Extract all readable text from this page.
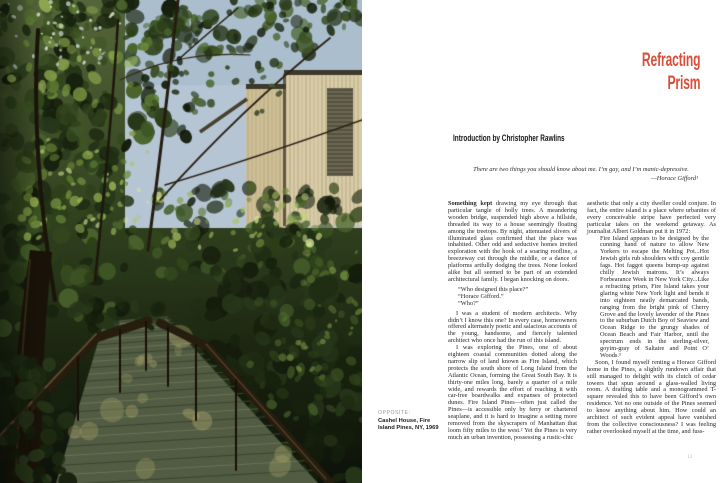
Refracting
Prism
Introduction by Christopher Rawlins

There are two things you should know about me. I’m gay, and I’m manic-depressive.

—Horace Gifford¹

Something kept drawing my eye through that particular tangle of holly trees. A meandering wooden bridge, suspended high above a hillside, threaded its way to a house seemingly floating among the treetops. By night, attenuated slivers of illuminated glass confirmed that the place was inhabited. Other odd and seductive homes invited exploration with the hook of a soaring roofline, a breezeway cut through the middle, or a dance of platforms artfully dodging the trees. None looked alike but all seemed to be part of an extended architectural family. I began knocking on doors.

“Who designed this place?”

“Horace Gifford.”

“Who?”

I was a student of modern architects. Why didn’t I know this one? In every case, homeowners offered alternately poetic and salacious accounts of the young, handsome, and fiercely talented architect who once had the run of this island.

I was exploring the Pines, one of about eighteen coastal communities dotted along the narrow slip of land known as Fire Island, which protects the south shore of Long Island from the Atlantic Ocean, forming the Great South Bay. It is thirty-one miles long, barely a quarter of a mile wide, and rewards the effort of reaching it with car-free boardwalks and expanses of protected dunes. Fire Island Pines—often just called the Pines—is accessible only by ferry or chartered seaplane, and it is hard to imagine a setting more removed from the skyscrapers of Manhattan that loom fifty miles to the west.² Yet the Pines is very much an urban invention, possessing a rustic-chic

aesthetic that only a city dweller could conjure. In fact, the entire island is a place where urbanites of every conceivable stripe have perfected very particular takes on the weekend getaway. As journalist Albert Goldman put it in 1972:

Fire Island appears to be designed by the cunning hand of nature to allow New Yorkers to escape the Melting Pot...Hot Jewish girls rub shoulders with coy gentile fags. Hot faggot queens bump-up against chilly Jewish matrons. It’s always Forbearance Week in New York City...Like a refracting prism, Fire Island takes your glaring white New York light and bends it into eighteen neatly demarcated bands, ranging from the bright pink of Cherry Grove and the lovely lavender of the Pines to the suburban Dutch Boy of Seaview and Ocean Ridge to the grungy shades of Ocean Beach and Fair Harbor, until the spectrum ends in the sterling-silver, goyim-gray of Saltaire and Point O’ Woods.³

Soon, I found myself renting a Horace Gifford home in the Pines, a slightly rundown affair that still managed to delight with its clutch of cedar towers that spun around a glass-walled living room. A drafting table and a monogrammed T-square revealed this to have been Gifford’s own residence. Yet no one outside of the Pines seemed to know anything about him. How could an architect of such evident appeal have vanished from the collective consciousness? I was feeling rather overlooked myself at the time, and fuss-

OPPOSITE:
Cashel House, Fire Island Pines, NY, 1969
13
